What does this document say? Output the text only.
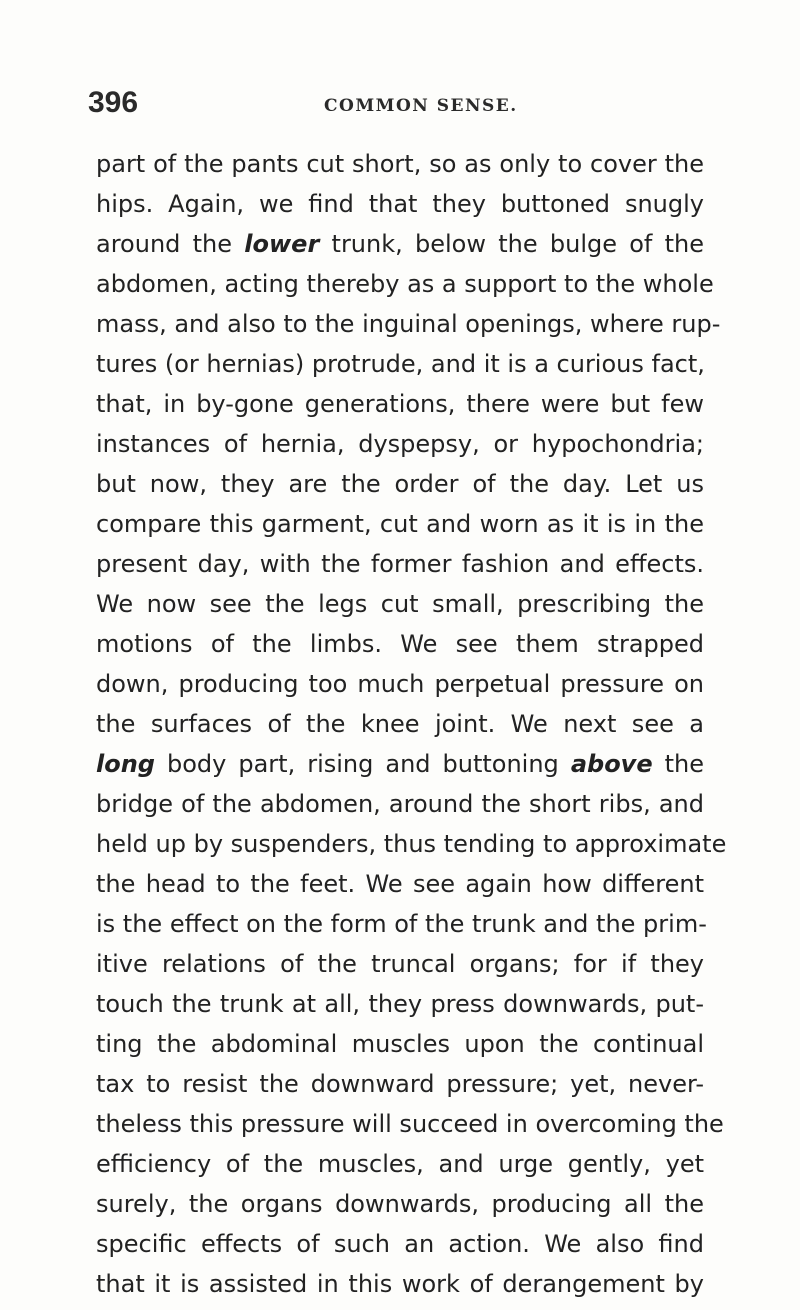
396	COMMON SENSE.
part of the pants cut short, so as only to cover the
hips. Again, we find that they buttoned snugly
around the lower trunk, below the bulge of the
abdomen, acting thereby as a support to the whole
mass, and also to the inguinal openings, where rup-
tures (or hernias) protrude, and it is a curious fact,
that, in by-gone generations, there were but few
instances of hernia, dyspepsy, or hypochondria;
but now, they are the order of the day. Let us
compare this garment, cut and worn as it is in the
present day, with the former fashion and effects.
We now see the legs cut small, prescribing the
motions of the limbs. We see them strapped
down, producing too much perpetual pressure on
the surfaces of the knee joint. We next see a
long body part, rising and buttoning above the
bridge of the abdomen, around the short ribs, and
held up by suspenders, thus tending to approximate
the head to the feet. We see again how different
is the effect on the form of the trunk and the prim-
itive relations of the truncal organs; for if they
touch the trunk at all, they press downwards, put-
ting the abdominal muscles upon the continual
tax to resist the downward pressure; yet, never-
theless this pressure will succeed in overcoming the
efficiency of the muscles, and urge gently, yet
surely, the organs downwards, producing all the
specific effects of such an action. We also find
that it is assisted in this work of derangement by
